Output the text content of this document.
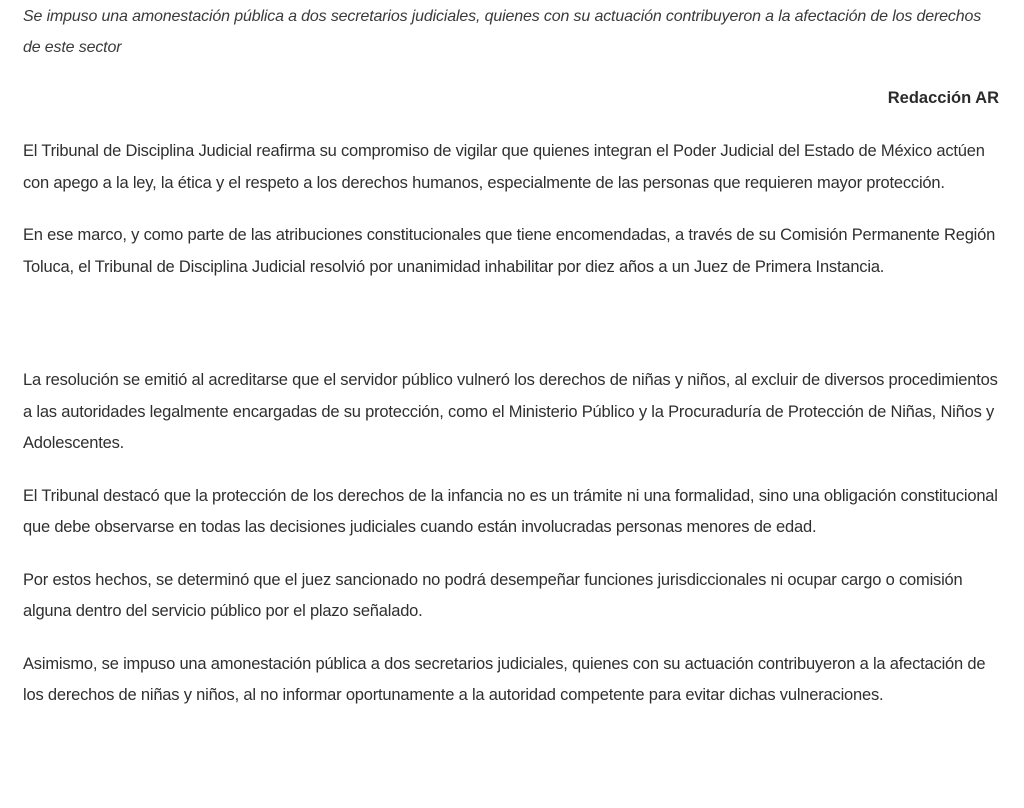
Se impuso una amonestación pública a dos secretarios judiciales, quienes con su actuación contribuyeron a la afectación de los derechos de este sector

Redacción AR

El Tribunal de Disciplina Judicial reafirma su compromiso de vigilar que quienes integran el Poder Judicial del Estado de México actúen con apego a la ley, la ética y el respeto a los derechos humanos, especialmente de las personas que requieren mayor protección.

En ese marco, y como parte de las atribuciones constitucionales que tiene encomendadas, a través de su Comisión Permanente Región Toluca, el Tribunal de Disciplina Judicial resolvió por unanimidad inhabilitar por diez años a un Juez de Primera Instancia.

La resolución se emitió al acreditarse que el servidor público vulneró los derechos de niñas y niños, al excluir de diversos procedimientos a las autoridades legalmente encargadas de su protección, como el Ministerio Público y la Procuraduría de Protección de Niñas, Niños y Adolescentes.

El Tribunal destacó que la protección de los derechos de la infancia no es un trámite ni una formalidad, sino una obligación constitucional que debe observarse en todas las decisiones judiciales cuando están involucradas personas menores de edad.

Por estos hechos, se determinó que el juez sancionado no podrá desempeñar funciones jurisdiccionales ni ocupar cargo o comisión alguna dentro del servicio público por el plazo señalado.

Asimismo, se impuso una amonestación pública a dos secretarios judiciales, quienes con su actuación contribuyeron a la afectación de los derechos de niñas y niños, al no informar oportunamente a la autoridad competente para evitar dichas vulneraciones.
